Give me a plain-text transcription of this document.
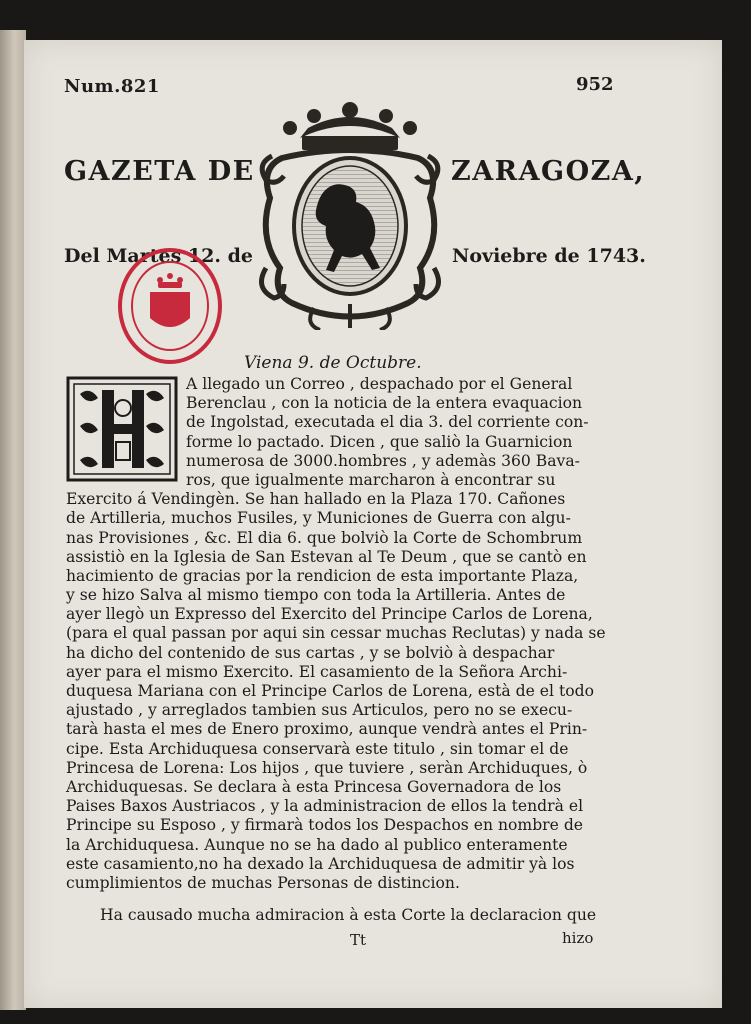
Num.821	952
GAZETA DE	ZARAGOZA,
Del Martes 12. de	Noviebre de 1743.
Viena 9. de Octubre.
A llegado un Correo , despachado por el General
Berenclau , con la noticia de la entera evaquacion
de Ingolstad, executada el dia 3. del corriente con-
forme lo pactado. Dicen , que saliò la Guarnicion
numerosa de 3000.hombres , y ademàs 360 Bava-
ros, que igualmente marcharon à encontrar su
Exercito á Vendingèn. Se han hallado en la Plaza 170. Cañones
de Artilleria, muchos Fusiles, y Municiones de Guerra con algu-
nas Provisiones , &c. El dia 6. que bolviò la Corte de Schombrum
assistiò en la Iglesia de San Estevan al Te Deum , que se cantò en
hacimiento de gracias por la rendicion de esta importante Plaza,
y se hizo Salva al mismo tiempo con toda la Artilleria. Antes de
ayer llegò un Expresso del Exercito del Principe Carlos de Lorena,
(para el qual passan por aqui sin cessar muchas Reclutas) y nada se
ha dicho del contenido de sus cartas , y se bolviò à despachar
ayer para el mismo Exercito. El casamiento de la Señora Archi-
duquesa Mariana con el Principe Carlos de Lorena, està de el todo
ajustado , y arreglados tambien sus Articulos, pero no se execu-
tarà hasta el mes de Enero proximo, aunque vendrà antes el Prin-
cipe. Esta Archiduquesa conservarà este titulo , sin tomar el de
Princesa de Lorena: Los hijos , que tuviere , seràn Archiduques, ò
Archiduquesas. Se declara à esta Princesa Governadora de los
Paises Baxos Austriacos , y la administracion de ellos la tendrà el
Principe su Esposo , y firmarà todos los Despachos en nombre de
la Archiduquesa. Aunque no se ha dado al publico enteramente
este casamiento,no ha dexado la Archiduquesa de admitir yà los
cumplimientos de muchas Personas de distincion.
Ha causado mucha admiracion à esta Corte la declaracion que
Tt	hizo
